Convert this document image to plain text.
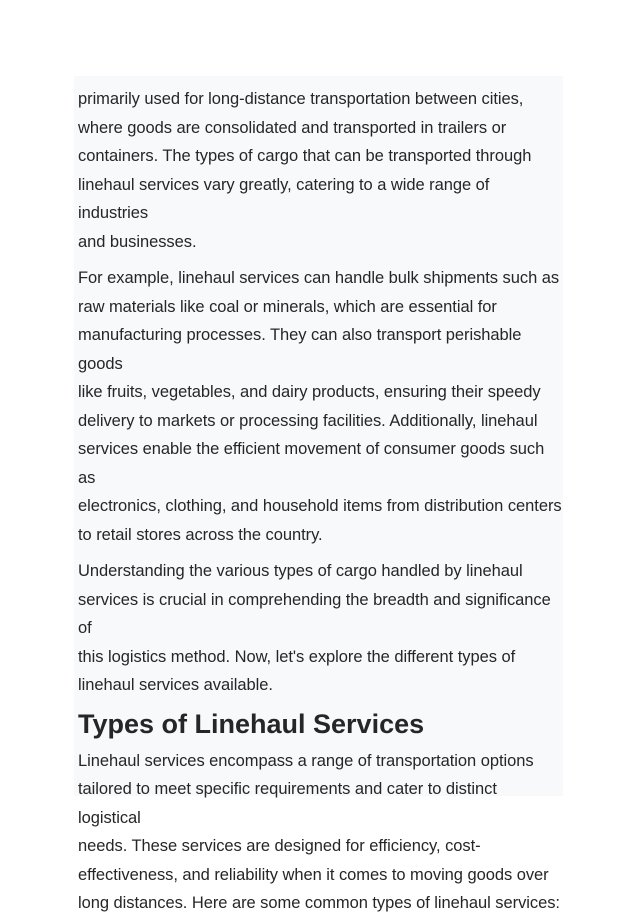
primarily used for long-distance transportation between cities,
where goods are consolidated and transported in trailers or
containers. The types of cargo that can be transported through
linehaul services vary greatly, catering to a wide range of industries
and businesses.

For example, linehaul services can handle bulk shipments such as
raw materials like coal or minerals, which are essential for
manufacturing processes. They can also transport perishable goods
like fruits, vegetables, and dairy products, ensuring their speedy
delivery to markets or processing facilities. Additionally, linehaul
services enable the efficient movement of consumer goods such as
electronics, clothing, and household items from distribution centers
to retail stores across the country.

Understanding the various types of cargo handled by linehaul
services is crucial in comprehending the breadth and significance of
this logistics method. Now, let's explore the different types of
linehaul services available.

Types of Linehaul Services

Linehaul services encompass a range of transportation options
tailored to meet specific requirements and cater to distinct logistical
needs. These services are designed for efficiency, cost-
effectiveness, and reliability when it comes to moving goods over
long distances. Here are some common types of linehaul services:
